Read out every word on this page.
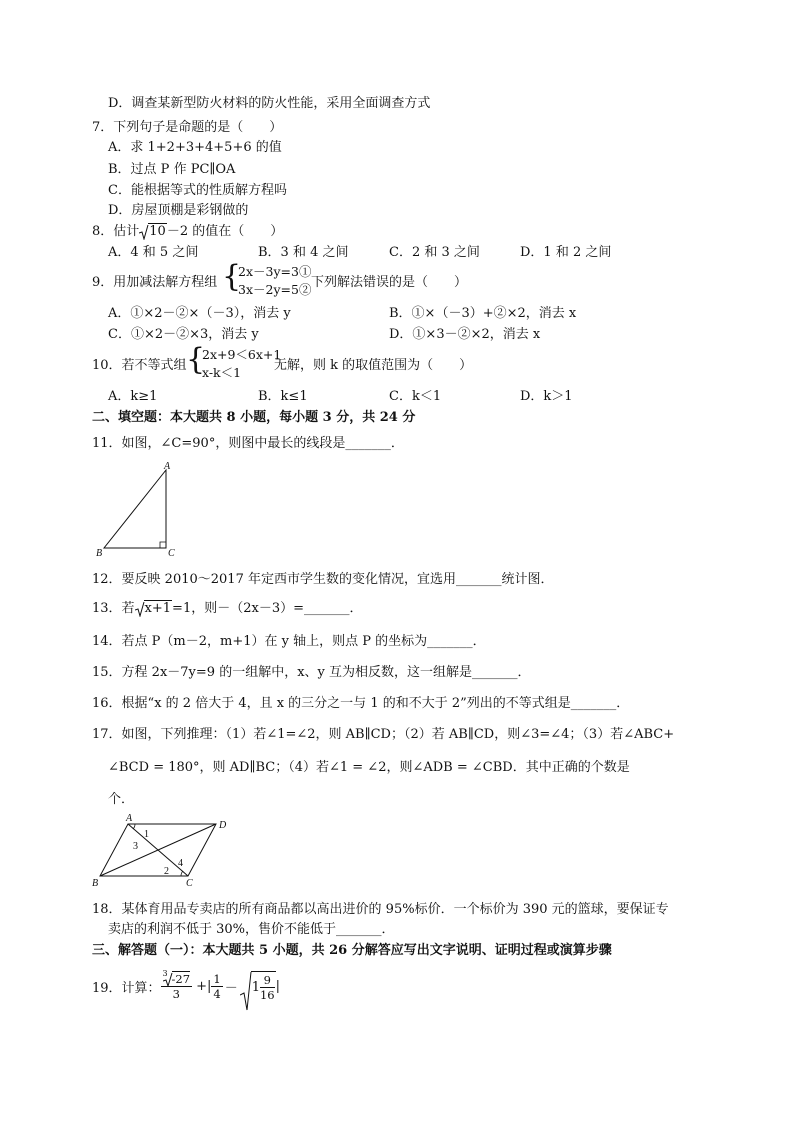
D．调查某新型防火材料的防火性能，采用全面调查方式
7．下列句子是命题的是（　　）
A．求 1+2+3+4+5+6 的值
B．过点 P 作 PC∥OA
C．能根据等式的性质解方程吗
D．房屋顶棚是彩钢做的
8．估计 10－2 的值在（　　）
A．4 和 5 之间	B．3 和 4 之间	C．2 和 3 之间	D．1 和 2 之间
9．用加减法解方程组 {
2x－3y=3①
3x－2y=5② 下列解法错误的是（　　）
A．①×2－②×（－3），消去 y	B．①×（－3）+②×2，消去 x
C．①×2－②×3，消去 y	D．①×3－②×2，消去 x
10．若不等式组 {
2x+9＜6x+1
x-k＜1	无解，则 k 的取值范围为（　　）
A．k≥1	B．k≤1	C．k＜1	D．k＞1
二、填空题：本大题共 8 小题，每小题 3 分，共 24 分
11．如图，∠C=90°，则图中最长的线段是_______．
A
B	C
12．要反映 2010～2017 年定西市学生数的变化情况，宜选用_______统计图．
13．若 x+1=1，则－（2x－3）=_______．
14．若点 P（m－2，m+1）在 y 轴上，则点 P 的坐标为_______．
15．方程 2x－7y=9 的一组解中，x、y 互为相反数，这一组解是_______．
16．根据“x 的 2 倍大于 4，且 x 的三分之一与 1 的和不大于 2”列出的不等式组是_______．
17．如图，下列推理：（1）若∠1=∠2，则 AB∥CD；（2）若 AB∥CD，则∠3=∠4；（3）若∠ABC+
∠BCD = 180°，则 AD∥BC；（4）若∠1 = ∠2，则∠ADB = ∠CBD．其中正确的个数是
个．
A
D
B	C
1
2
3
4
18．某体育用品专卖店的所有商品都以高出进价的 95%标价．一个标价为 390 元的篮球，要保证专
卖店的利润不低于 30%，售价不能低于_______．
三、解答题（一）：本大题共 5 小题，共 26 分解答应写出文字说明、证明过程或演算步骤
19．计算： $\frac{3 -27}{3}$ +| $\frac{1}{4} - 1 \frac{9}{16}$ |
